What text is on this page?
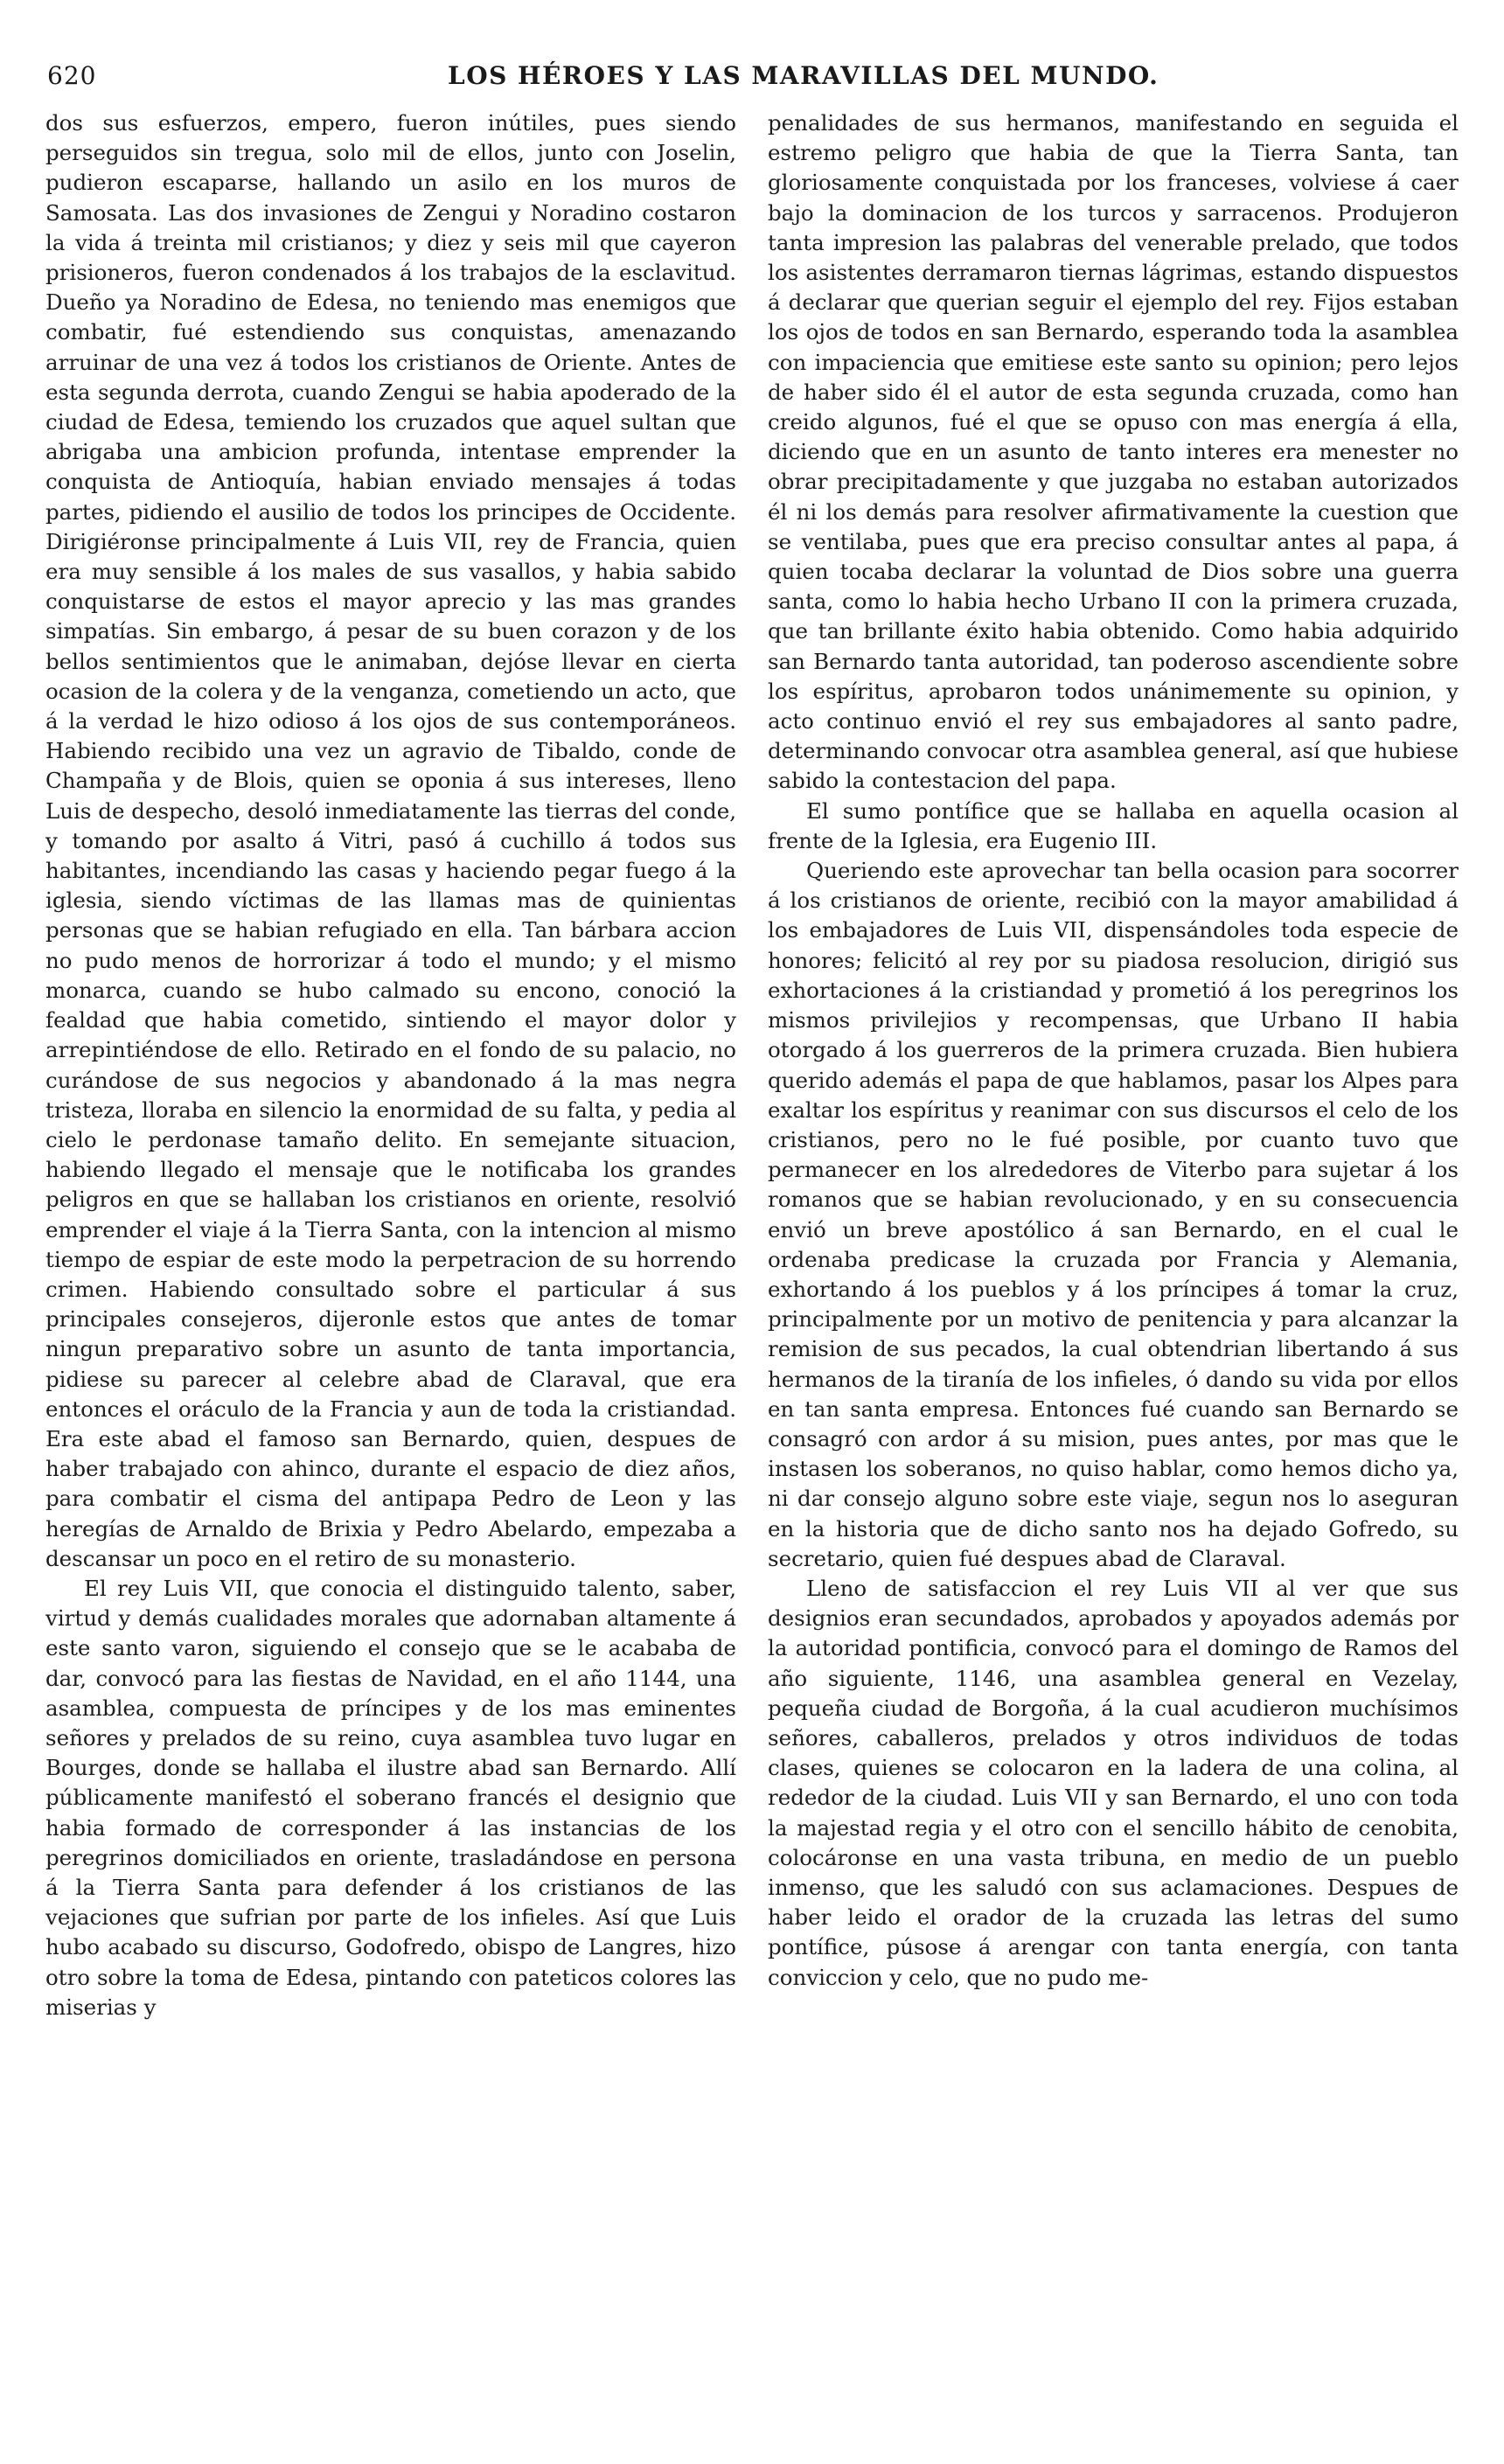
620	LOS HÉROES Y LAS MARAVILLAS DEL MUNDO.

dos sus esfuerzos, empero, fueron inútiles, pues siendo perseguidos sin tregua, solo mil de ellos, junto con Joselin, pudieron escaparse, hallando un asilo en los muros de Samosata. Las dos invasiones de Zengui y Noradino costaron la vida á treinta mil cristianos; y diez y seis mil que cayeron prisioneros, fueron condenados á los trabajos de la esclavitud. Dueño ya Noradino de Edesa, no teniendo mas enemigos que combatir, fué estendiendo sus conquistas, amenazando arruinar de una vez á todos los cristianos de Oriente. Antes de esta segunda derrota, cuando Zengui se habia apoderado de la ciudad de Edesa, temiendo los cruzados que aquel sultan que abrigaba una ambicion profunda, intentase emprender la conquista de Antioquía, habian enviado mensajes á todas partes, pidiendo el ausilio de todos los principes de Occidente. Dirigiéronse principalmente á Luis VII, rey de Francia, quien era muy sensible á los males de sus vasallos, y habia sabido conquistarse de estos el mayor aprecio y las mas grandes simpatías. Sin embargo, á pesar de su buen corazon y de los bellos sentimientos que le animaban, dejóse llevar en cierta ocasion de la colera y de la venganza, cometiendo un acto, que á la verdad le hizo odioso á los ojos de sus contemporáneos. Habiendo recibido una vez un agravio de Tibaldo, conde de Champaña y de Blois, quien se oponia á sus intereses, lleno Luis de despecho, desoló inmediatamente las tierras del conde, y tomando por asalto á Vitri, pasó á cuchillo á todos sus habitantes, incendiando las casas y haciendo pegar fuego á la iglesia, siendo víctimas de las llamas mas de quinientas personas que se habian refugiado en ella. Tan bárbara accion no pudo menos de horrorizar á todo el mundo; y el mismo monarca, cuando se hubo calmado su encono, conoció la fealdad que habia cometido, sintiendo el mayor dolor y arrepintiéndose de ello. Retirado en el fondo de su palacio, no curándose de sus negocios y abandonado á la mas negra tristeza, lloraba en silencio la enormidad de su falta, y pedia al cielo le perdonase tamaño delito. En semejante situacion, habiendo llegado el mensaje que le notificaba los grandes peligros en que se hallaban los cristianos en oriente, resolvió emprender el viaje á la Tierra Santa, con la intencion al mismo tiempo de espiar de este modo la perpetracion de su horrendo crimen. Habiendo consultado sobre el particular á sus principales consejeros, dijeronle estos que antes de tomar ningun preparativo sobre un asunto de tanta importancia, pidiese su parecer al celebre abad de Claraval, que era entonces el oráculo de la Francia y aun de toda la cristiandad. Era este abad el famoso san Bernardo, quien, despues de haber trabajado con ahinco, durante el espacio de diez años, para combatir el cisma del antipapa Pedro de Leon y las heregías de Arnaldo de Brixia y Pedro Abelardo, empezaba a descansar un poco en el retiro de su monasterio.

El rey Luis VII, que conocia el distinguido talento, saber, virtud y demás cualidades morales que adornaban altamente á este santo varon, siguiendo el consejo que se le acababa de dar, convocó para las fiestas de Navidad, en el año 1144, una asamblea, compuesta de príncipes y de los mas eminentes señores y prelados de su reino, cuya asamblea tuvo lugar en Bourges, donde se hallaba el ilustre abad san Bernardo. Allí públicamente manifestó el soberano francés el designio que habia formado de corresponder á las instancias de los peregrinos domiciliados en oriente, trasladándose en persona á la Tierra Santa para defender á los cristianos de las vejaciones que sufrian por parte de los infieles. Así que Luis hubo acabado su discurso, Godofredo, obispo de Langres, hizo otro sobre la toma de Edesa, pintando con pateticos colores las miserias y

penalidades de sus hermanos, manifestando en seguida el estremo peligro que habia de que la Tierra Santa, tan gloriosamente conquistada por los franceses, volviese á caer bajo la dominacion de los turcos y sarracenos. Produjeron tanta impresion las palabras del venerable prelado, que todos los asistentes derramaron tiernas lágrimas, estando dispuestos á declarar que querian seguir el ejemplo del rey. Fijos estaban los ojos de todos en san Bernardo, esperando toda la asamblea con impaciencia que emitiese este santo su opinion; pero lejos de haber sido él el autor de esta segunda cruzada, como han creido algunos, fué el que se opuso con mas energía á ella, diciendo que en un asunto de tanto interes era menester no obrar precipitadamente y que juzgaba no estaban autorizados él ni los demás para resolver afirmativamente la cuestion que se ventilaba, pues que era preciso consultar antes al papa, á quien tocaba declarar la voluntad de Dios sobre una guerra santa, como lo habia hecho Urbano II con la primera cruzada, que tan brillante éxito habia obtenido. Como habia adquirido san Bernardo tanta autoridad, tan poderoso ascendiente sobre los espíritus, aprobaron todos unánimemente su opinion, y acto continuo envió el rey sus embajadores al santo padre, determinando convocar otra asamblea general, así que hubiese sabido la contestacion del papa.

El sumo pontífice que se hallaba en aquella ocasion al frente de la Iglesia, era Eugenio III.

Queriendo este aprovechar tan bella ocasion para socorrer á los cristianos de oriente, recibió con la mayor amabilidad á los embajadores de Luis VII, dispensándoles toda especie de honores; felicitó al rey por su piadosa resolucion, dirigió sus exhortaciones á la cristiandad y prometió á los peregrinos los mismos privilejios y recompensas, que Urbano II habia otorgado á los guerreros de la primera cruzada. Bien hubiera querido además el papa de que hablamos, pasar los Alpes para exaltar los espíritus y reanimar con sus discursos el celo de los cristianos, pero no le fué posible, por cuanto tuvo que permanecer en los alrededores de Viterbo para sujetar á los romanos que se habian revolucionado, y en su consecuencia envió un breve apostólico á san Bernardo, en el cual le ordenaba predicase la cruzada por Francia y Alemania, exhortando á los pueblos y á los príncipes á tomar la cruz, principalmente por un motivo de penitencia y para alcanzar la remision de sus pecados, la cual obtendrian libertando á sus hermanos de la tiranía de los infieles, ó dando su vida por ellos en tan santa empresa. Entonces fué cuando san Bernardo se consagró con ardor á su mision, pues antes, por mas que le instasen los soberanos, no quiso hablar, como hemos dicho ya, ni dar consejo alguno sobre este viaje, segun nos lo aseguran en la historia que de dicho santo nos ha dejado Gofredo, su secretario, quien fué despues abad de Claraval.

Lleno de satisfaccion el rey Luis VII al ver que sus designios eran secundados, aprobados y apoyados además por la autoridad pontificia, convocó para el domingo de Ramos del año siguiente, 1146, una asamblea general en Vezelay, pequeña ciudad de Borgoña, á la cual acudieron muchísimos señores, caballeros, prelados y otros individuos de todas clases, quienes se colocaron en la ladera de una colina, al rededor de la ciudad. Luis VII y san Bernardo, el uno con toda la majestad regia y el otro con el sencillo hábito de cenobita, colocáronse en una vasta tribuna, en medio de un pueblo inmenso, que les saludó con sus aclamaciones. Despues de haber leido el orador de la cruzada las letras del sumo pontífice, púsose á arengar con tanta energía, con tanta conviccion y celo, que no pudo me-
